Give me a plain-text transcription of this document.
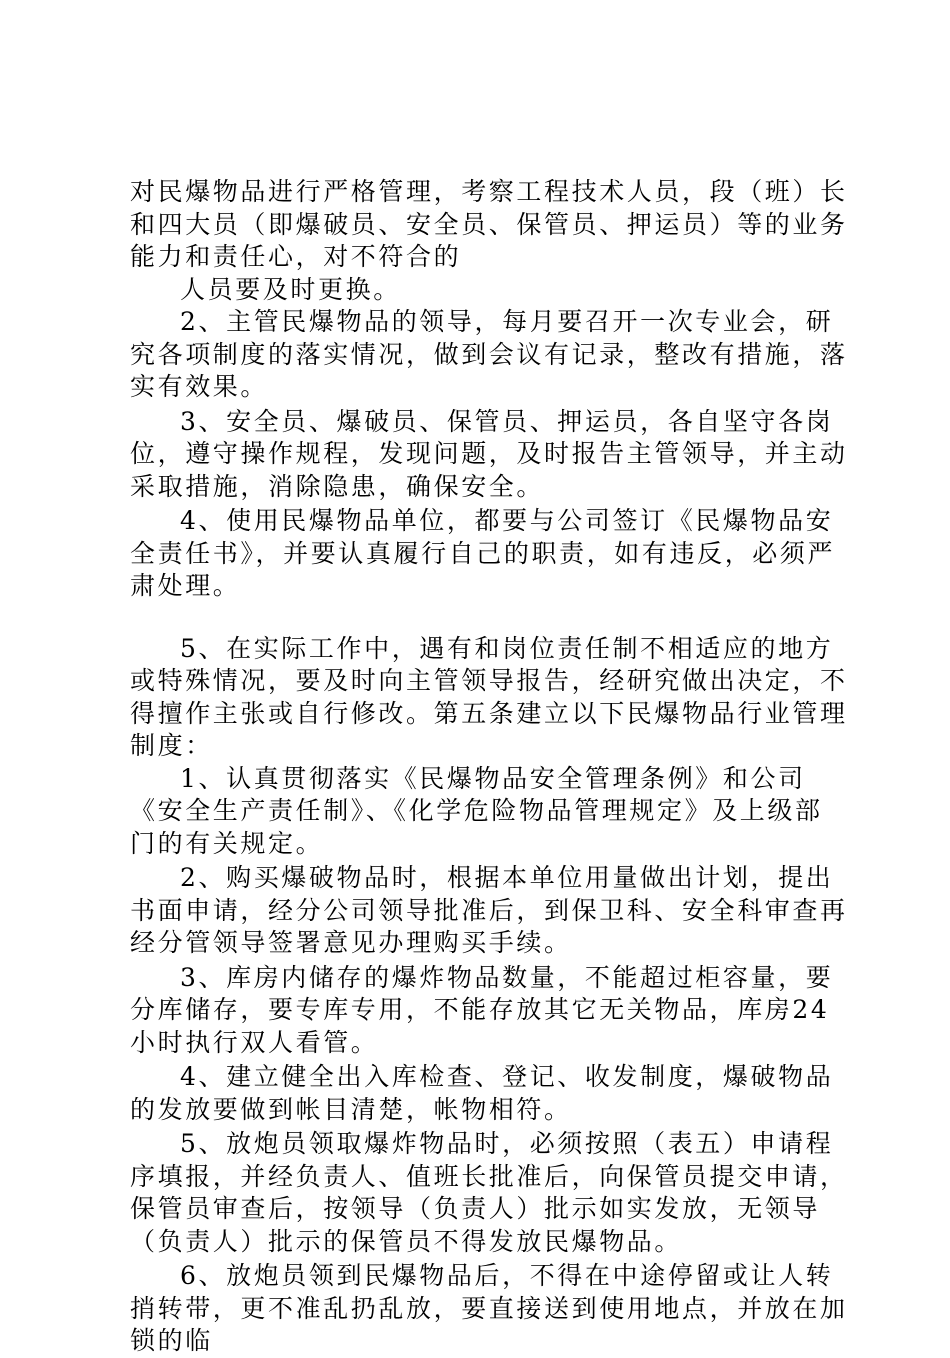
对民爆物品进行严格管理，考察工程技术人员，段（班）长和四大员（即爆破员、安全员、保管员、押运员）等的业务能力和责任心，对不符合的

人员要及时更换。

2、主管民爆物品的领导，每月要召开一次专业会，研究各项制度的落实情况，做到会议有记录，整改有措施，落实有效果。

3、安全员、爆破员、保管员、押运员，各自坚守各岗位，遵守操作规程，发现问题，及时报告主管领导，并主动采取措施，消除隐患，确保安全。

4、使用民爆物品单位，都要与公司签订《民爆物品安全责任书》，并要认真履行自己的职责，如有违反，必须严肃处理。

5、在实际工作中，遇有和岗位责任制不相适应的地方或特殊情况，要及时向主管领导报告，经研究做出决定，不得擅作主张或自行修改。第五条建立以下民爆物品行业管理制度：

1、认真贯彻落实《民爆物品安全管理条例》和公司《安全生产责任制》、《化学危险物品管理规定》及上级部门的有关规定。

2、购买爆破物品时，根据本单位用量做出计划，提出书面申请，经分公司领导批准后，到保卫科、安全科审查再经分管领导签署意见办理购买手续。

3、库房内储存的爆炸物品数量，不能超过柜容量，要分库储存，要专库专用，不能存放其它无关物品，库房24小时执行双人看管。

4、建立健全出入库检查、登记、收发制度，爆破物品的发放要做到帐目清楚，帐物相符。

5、放炮员领取爆炸物品时，必须按照（表五）申请程序填报，并经负责人、值班长批准后，向保管员提交申请，保管员审查后，按领导（负责人）批示如实发放，无领导（负责人）批示的保管员不得发放民爆物品。

6、放炮员领到民爆物品后，不得在中途停留或让人转捎转带，更不准乱扔乱放，要直接送到使用地点，并放在加锁的临
